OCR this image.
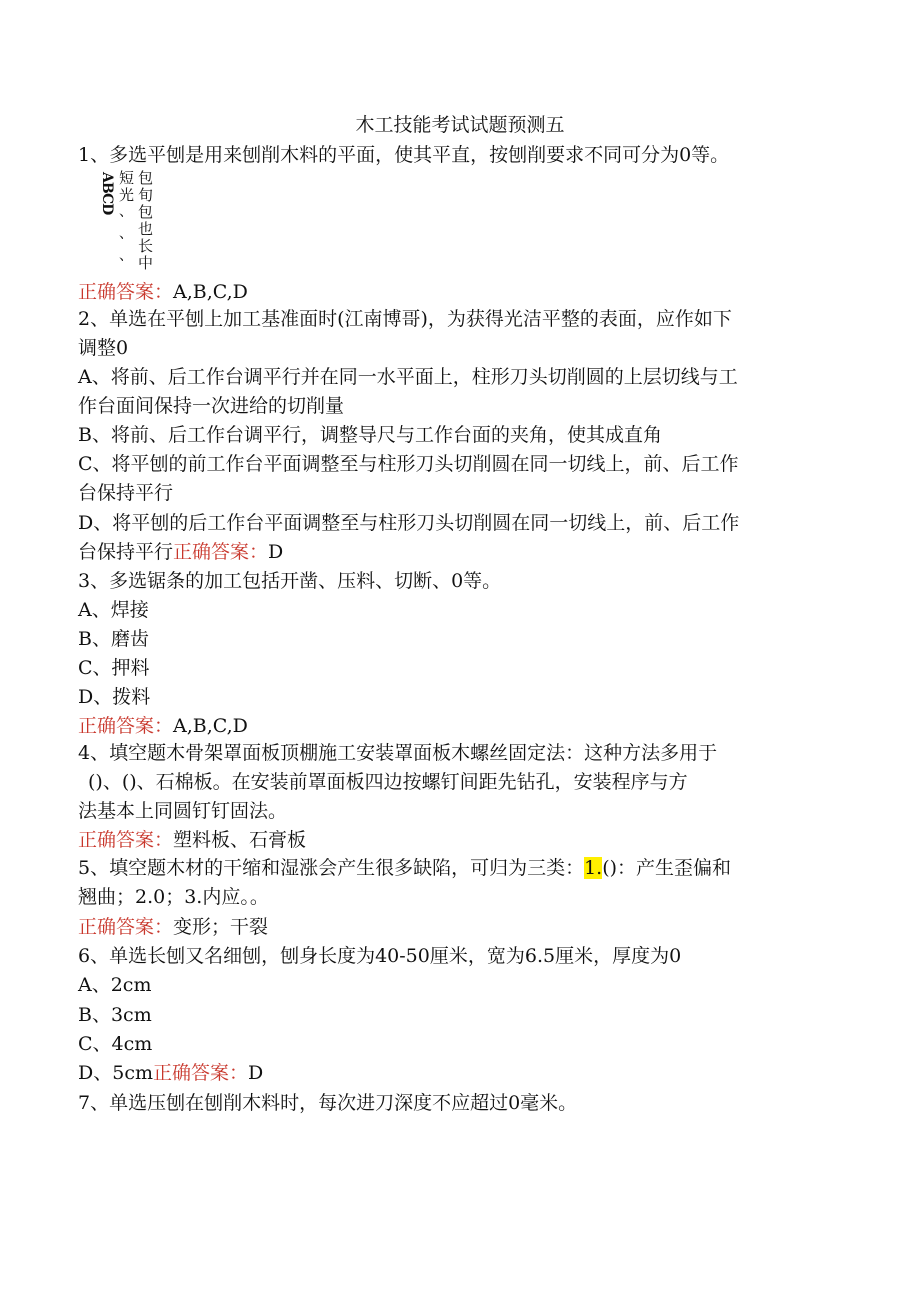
木工技能考试试题预测五
1、多选平刨是用来刨削木料的平面，使其平直，按刨削要求不同可分为0等。
ABCD 短
光
、
、
、
包
旬
包
也
长
中
正确答案：A,B,C,D
2、单选在平刨上加工基准面时(江南博哥)，为获得光洁平整的表面，应作如下
调整0
A、将前、后工作台调平行并在同一水平面上，柱形刀头切削圆的上层切线与工
作台面间保持一次进给的切削量
B、将前、后工作台调平行，调整导尺与工作台面的夹角，使其成直角
C、将平刨的前工作台平面调整至与柱形刀头切削圆在同一切线上，前、后工作
台保持平行
D、将平刨的后工作台平面调整至与柱形刀头切削圆在同一切线上，前、后工作
台保持平行正确答案：D
3、多选锯条的加工包括开凿、压料、切断、0等。
A、焊接
B、磨齿
C、押料
D、拨料
正确答案：A,B,C,D
4、填空题木骨架罩面板顶棚施工安装罩面板木螺丝固定法：这种方法多用于
()、()、石棉板。在安装前罩面板四边按螺钉间距先钻孔，安装程序与方
法基本上同圆钉钉固法。
正确答案：塑料板、石膏板
5、填空题木材的干缩和湿涨会产生很多缺陷，可归为三类：1.()：产生歪偏和
翘曲；2.0；3.内应。。
正确答案：变形；干裂
6、单选长刨又名细刨，刨身长度为40-50厘米，宽为6.5厘米，厚度为0
A、2cm
B、3cm
C、4cm
D、5cm正确答案：D
7、单选压刨在刨削木料时，每次进刀深度不应超过0毫米。
